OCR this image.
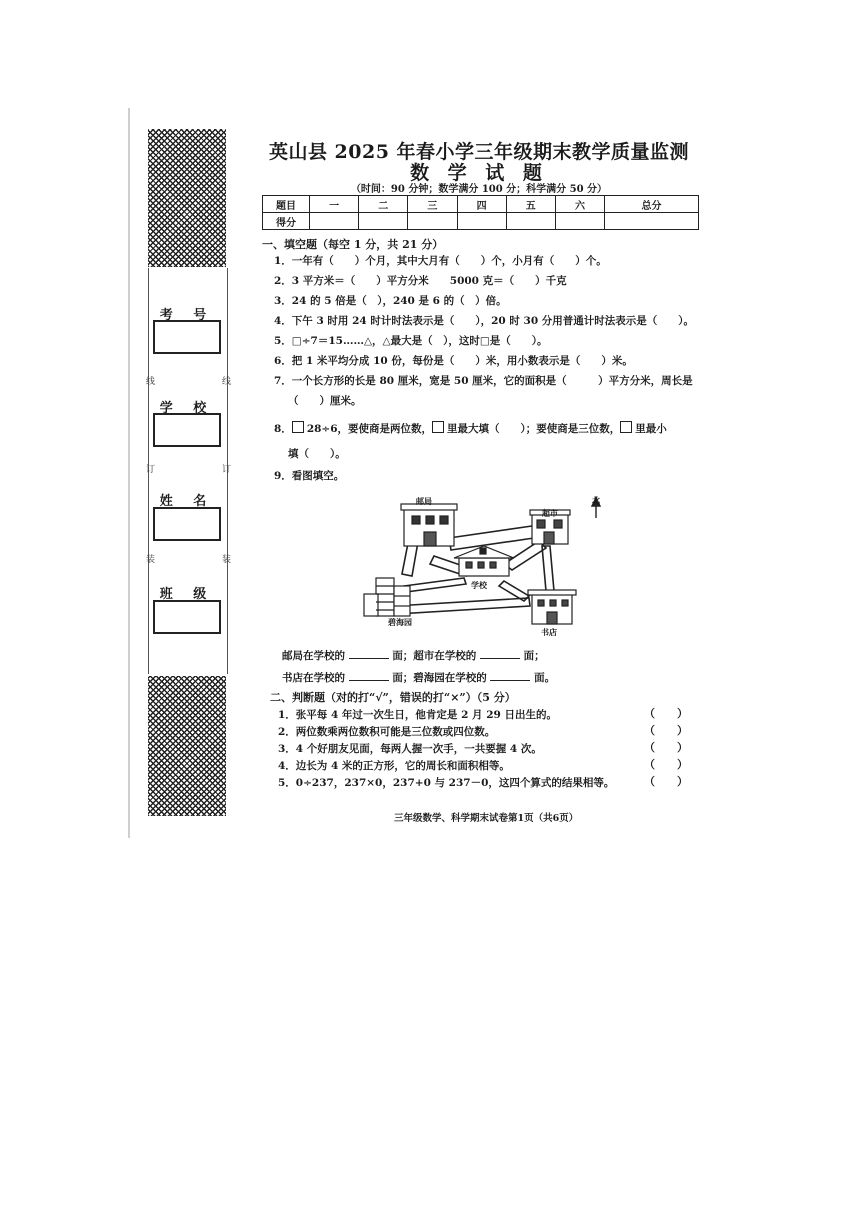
考 号
学 校
姓 名
班 级
线	线
订	订
装	装
英山县 2025 年春小学三年级期末教学质量监测
数 学 试 题
（时间：90 分钟；数学满分 100 分；科学满分 50 分）
题目	一	二	三	四	五	六	总分
得分							
一、填空题（每空 1 分，共 21 分）
1．一年有（　　）个月，其中大月有（　　）个，小月有（　　）个。
2．3 平方米＝（　　）平方分米　　5000 克＝（　　）千克
3．24 的 5 倍是（　），240 是 6 的（　）倍。
4．下午 3 时用 24 时计时法表示是（　　），20 时 30 分用普通计时法表示是（　　）。
5．□÷7＝15……△，△最大是（　），这时□是（　　）。
6．把 1 米平均分成 10 份，每份是（　　）米，用小数表示是（　　）米。
7．一个长方形的长是 80 厘米，宽是 50 厘米，它的面积是（　　　）平方分米，周长是
（　　）厘米。
8． 28÷6，要使商是两位数， 里最大填（　　）；要使商是三位数， 里最小
填（　　）。
9．看图填空。
邮局
超市
学校
碧海园
书店
北
邮局在学校的	面；超市在学校的	面；
书店在学校的	面；碧海园在学校的	面。
二、判断题（对的打“√”，错误的打“×”）（5 分）
1．张平每 4 年过一次生日，他肯定是 2 月 29 日出生的。
2．两位数乘两位数积可能是三位数或四位数。
3．4 个好朋友见面，每两人握一次手，一共要握 4 次。
4．边长为 4 米的正方形，它的周长和面积相等。
5．0÷237，237×0，237+0 与 237－0，这四个算式的结果相等。
（　　）
（　　）
（　　）
（　　）
（　　）
三年级数学、科学期末试卷第1页（共6页）
